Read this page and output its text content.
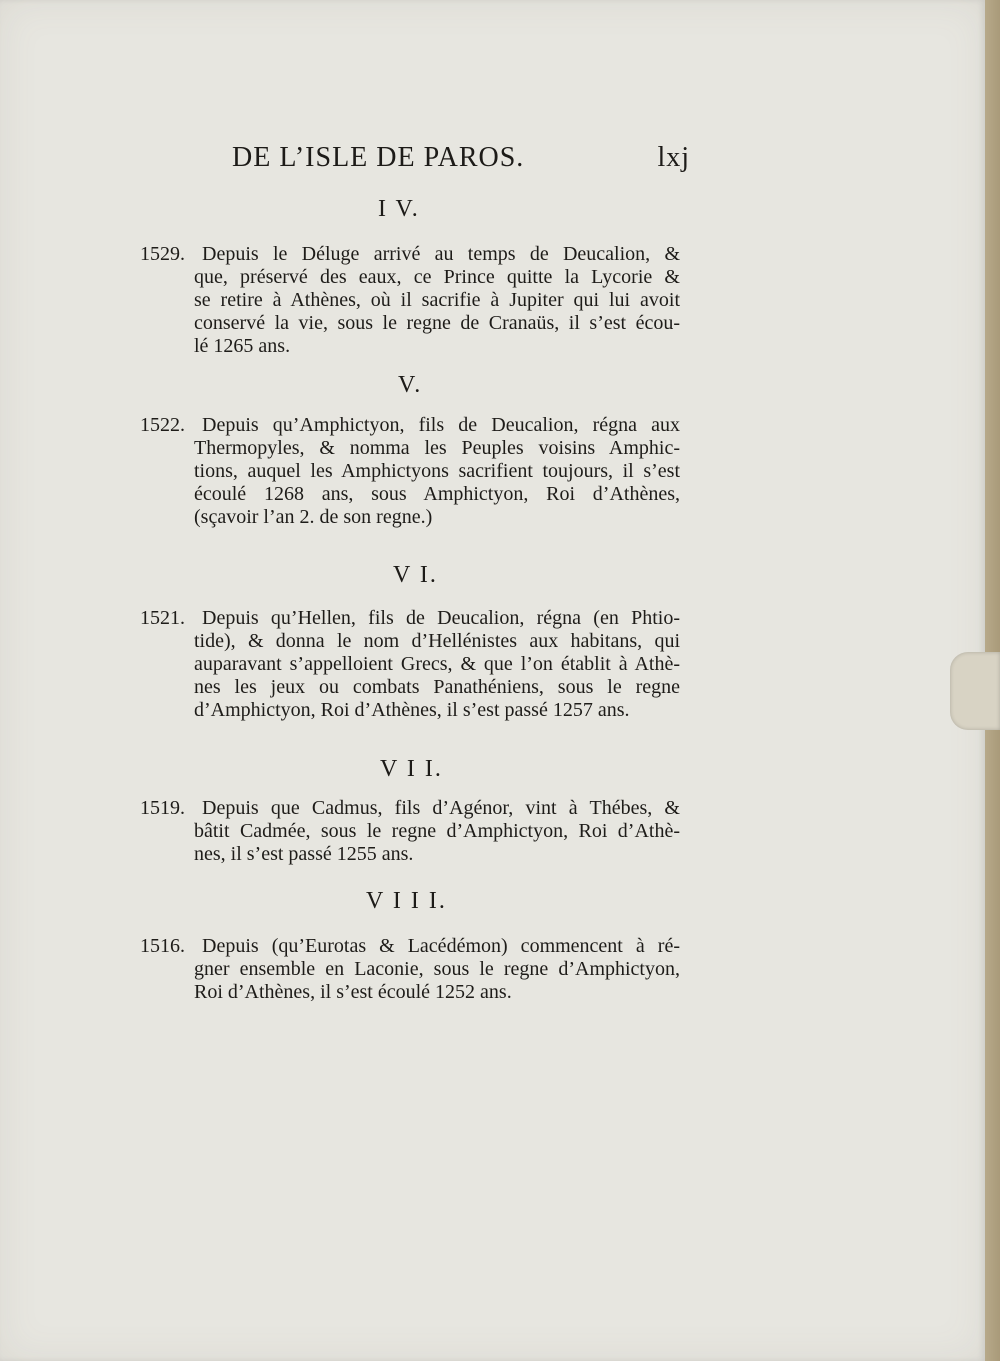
DE L’ISLE DE PAROS.	lxj
I V.
1529. Depuis le Déluge arrivé au temps de Deucalion, &
que, préservé des eaux, ce Prince quitte la Lycorie &
se retire à Athènes, où il sacrifie à Jupiter qui lui avoit
conservé la vie, sous le regne de Cranaüs, il s’est écou-
lé 1265 ans.
V.
1522. Depuis qu’Amphictyon, fils de Deucalion, régna aux
Thermopyles, & nomma les Peuples voisins Amphic-
tions, auquel les Amphictyons sacrifient toujours, il s’est
écoulé 1268 ans, sous Amphictyon, Roi d’Athènes,
(sçavoir l’an 2. de son regne.)
V I.
1521. Depuis qu’Hellen, fils de Deucalion, régna (en Phtio-
tide), & donna le nom d’Hellénistes aux habitans, qui
auparavant s’appelloient Grecs, & que l’on établit à Athè-
nes les jeux ou combats Panathéniens, sous le regne
d’Amphictyon, Roi d’Athènes, il s’est passé 1257 ans.
V I I.
1519. Depuis que Cadmus, fils d’Agénor, vint à Thébes, &
bâtit Cadmée, sous le regne d’Amphictyon, Roi d’Athè-
nes, il s’est passé 1255 ans.
V I I I.
1516. Depuis (qu’Eurotas & Lacédémon) commencent à ré-
gner ensemble en Laconie, sous le regne d’Amphictyon,
Roi d’Athènes, il s’est écoulé 1252 ans.
